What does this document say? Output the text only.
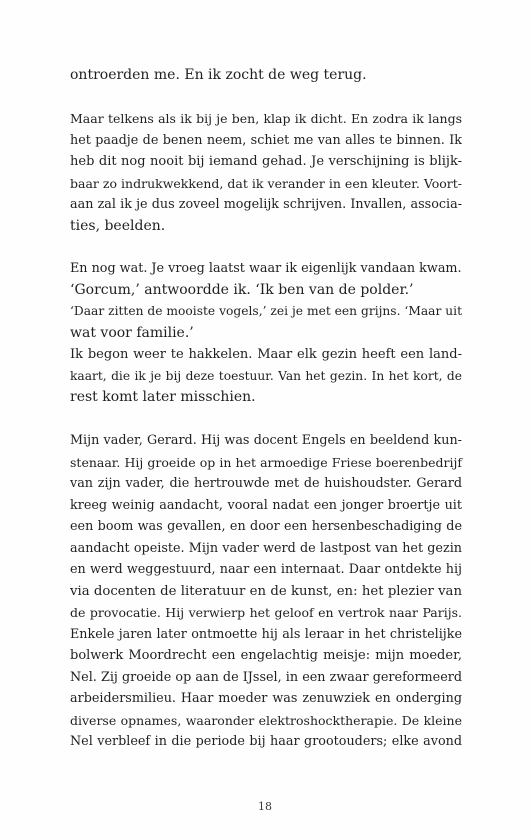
ontroerden me. En ik zocht de weg terug.
Maar telkens als ik bij je ben, klap ik dicht. En zodra ik langs
het paadje de benen neem, schiet me van alles te binnen. Ik
heb dit nog nooit bij iemand gehad. Je verschijning is blijk-
baar zo indrukwekkend, dat ik verander in een kleuter. Voort-
aan zal ik je dus zoveel mogelijk schrijven. Invallen, associa-
ties, beelden.
En nog wat. Je vroeg laatst waar ik eigenlijk vandaan kwam.
‘Gorcum,’ antwoordde ik. ‘Ik ben van de polder.’
‘Daar zitten de mooiste vogels,’ zei je met een grijns. ‘Maar uit
wat voor familie.’
Ik begon weer te hakkelen. Maar elk gezin heeft een land-
kaart, die ik je bij deze toestuur. Van het gezin. In het kort, de
rest komt later misschien.
Mijn vader, Gerard. Hij was docent Engels en beeldend kun-
stenaar. Hij groeide op in het armoedige Friese boerenbedrijf
van zijn vader, die hertrouwde met de huishoudster. Gerard
kreeg weinig aandacht, vooral nadat een jonger broertje uit
een boom was gevallen, en door een hersenbeschadiging de
aandacht opeiste. Mijn vader werd de lastpost van het gezin
en werd weggestuurd, naar een internaat. Daar ontdekte hij
via docenten de literatuur en de kunst, en: het plezier van
de provocatie. Hij verwierp het geloof en vertrok naar Parijs.
Enkele jaren later ontmoette hij als leraar in het christelijke
bolwerk Moordrecht een engelachtig meisje: mijn moeder,
Nel. Zij groeide op aan de IJssel, in een zwaar gereformeerd
arbeidersmilieu. Haar moeder was zenuwziek en onderging
diverse opnames, waaronder elektroshocktherapie. De kleine
Nel verbleef in die periode bij haar grootouders; elke avond
18
